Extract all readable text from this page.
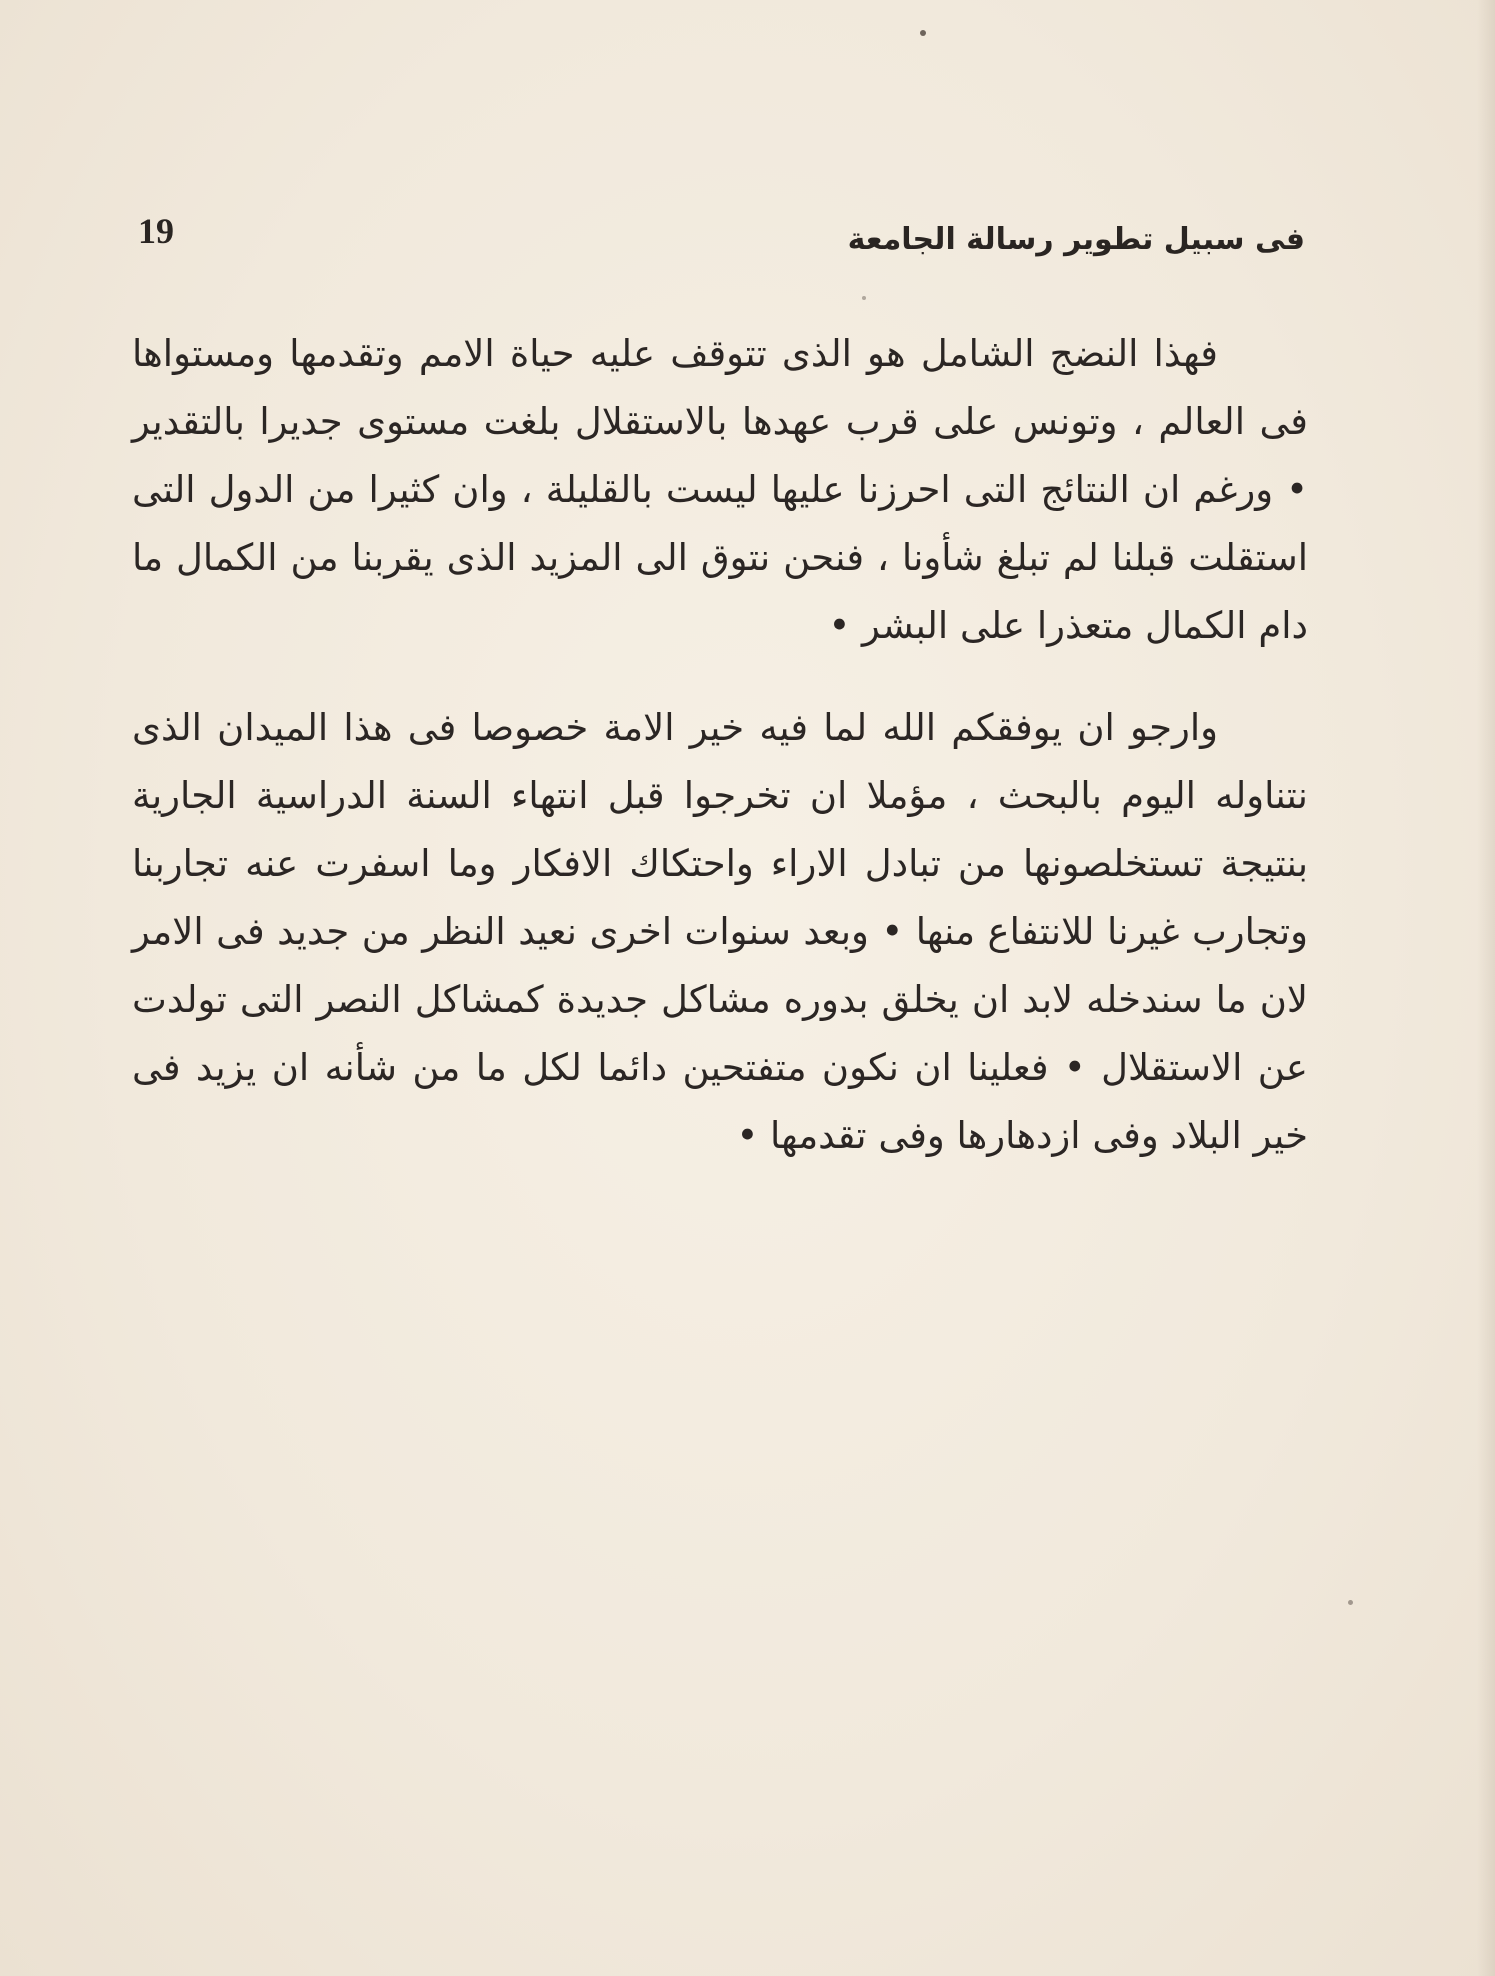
19	فى سبيل تطوير رسالة الجامعة

فهذا النضج الشامل هو الذى تتوقف عليه حياة الامم وتقدمها ومستواها فى العالم ، وتونس على قرب عهدها بالاستقلال بلغت مستوى جديرا بالتقدير • ورغم ان النتائج التى احرزنا عليها ليست بالقليلة ، وان كثيرا من الدول التى استقلت قبلنا لم تبلغ شأونا ، فنحن نتوق الى المزيد الذى يقربنا من الكمال ما دام الكمال متعذرا على البشر •

وارجو ان يوفقكم الله لما فيه خير الامة خصوصا فى هذا الميدان الذى نتناوله اليوم بالبحث ، مؤملا ان تخرجوا قبل انتهاء السنة الدراسية الجارية بنتيجة تستخلصونها من تبادل الاراء واحتكاك الافكار وما اسفرت عنه تجاربنا وتجارب غيرنا للانتفاع منها • وبعد سنوات اخرى نعيد النظر من جديد فى الامر لان ما سندخله لابد ان يخلق بدوره مشاكل جديدة كمشاكل النصر التى تولدت عن الاستقلال • فعلينا ان نكون متفتحين دائما لكل ما من شأنه ان يزيد فى خير البلاد وفى ازدهارها وفى تقدمها •
